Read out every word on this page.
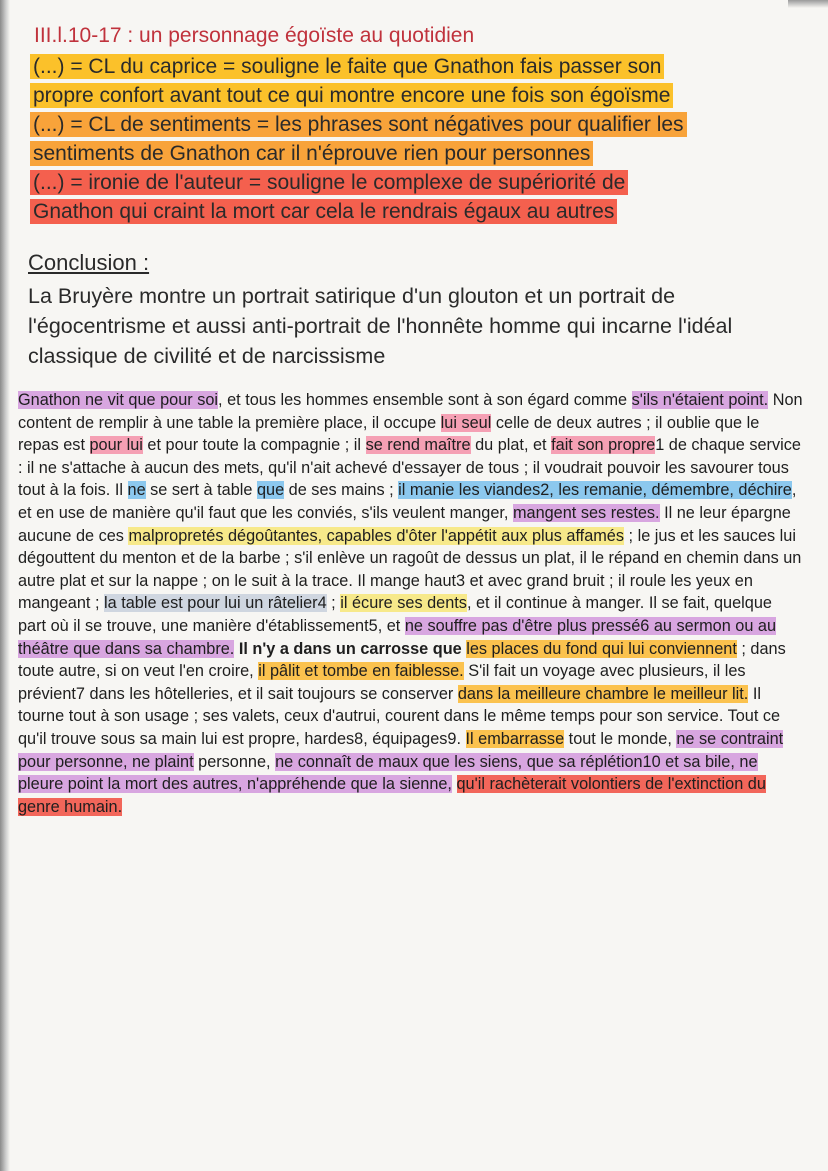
III.l.10-17 : un personnage égoïste au quotidien
(...) = CL du caprice = souligne le faite que Gnathon fais passer son
propre confort avant tout ce qui montre encore une fois son égoïsme
(...) = CL de sentiments = les phrases sont négatives pour qualifier les
sentiments de Gnathon car il n'éprouve rien pour personnes
(...) = ironie de l'auteur = souligne le complexe de supériorité de
Gnathon qui craint la mort car cela le rendrais égaux au autres
Conclusion :

La Bruyère montre un portrait satirique d'un glouton et un portrait de l'égocentrisme et aussi anti-portrait de l'honnête homme qui incarne l'idéal classique de civilité et de narcissisme

Gnathon ne vit que pour soi, et tous les hommes ensemble sont à son égard comme s'ils n'étaient point. Non content de remplir à une table la première place, il occupe lui seul celle de deux autres ; il oublie que le repas est pour lui et pour toute la compagnie ; il se rend maître du plat, et fait son propre1 de chaque service : il ne s'attache à aucun des mets, qu'il n'ait achevé d'essayer de tous ; il voudrait pouvoir les savourer tous tout à la fois. Il ne se sert à table que de ses mains ; il manie les viandes2, les remanie, démembre, déchire, et en use de manière qu'il faut que les conviés, s'ils veulent manger, mangent ses restes. Il ne leur épargne aucune de ces malpropretés dégoûtantes, capables d'ôter l'appétit aux plus affamés ; le jus et les sauces lui dégouttent du menton et de la barbe ; s'il enlève un ragoût de dessus un plat, il le répand en chemin dans un autre plat et sur la nappe ; on le suit à la trace. Il mange haut3 et avec grand bruit ; il roule les yeux en mangeant ; la table est pour lui un râtelier4 ; il écure ses dents, et il continue à manger. Il se fait, quelque part où il se trouve, une manière d'établissement5, et ne souffre pas d'être plus pressé6 au sermon ou au théâtre que dans sa chambre. Il n'y a dans un carrosse que les places du fond qui lui conviennent ; dans toute autre, si on veut l'en croire, il pâlit et tombe en faiblesse. S'il fait un voyage avec plusieurs, il les prévient7 dans les hôtelleries, et il sait toujours se conserver dans la meilleure chambre le meilleur lit. Il tourne tout à son usage ; ses valets, ceux d'autrui, courent dans le même temps pour son service. Tout ce qu'il trouve sous sa main lui est propre, hardes8, équipages9. Il embarrasse tout le monde, ne se contraint pour personne, ne plaint personne, ne connaît de maux que les siens, que sa réplétion10 et sa bile, ne pleure point la mort des autres, n'appréhende que la sienne, qu'il rachèterait volontiers de l'extinction du genre humain.
